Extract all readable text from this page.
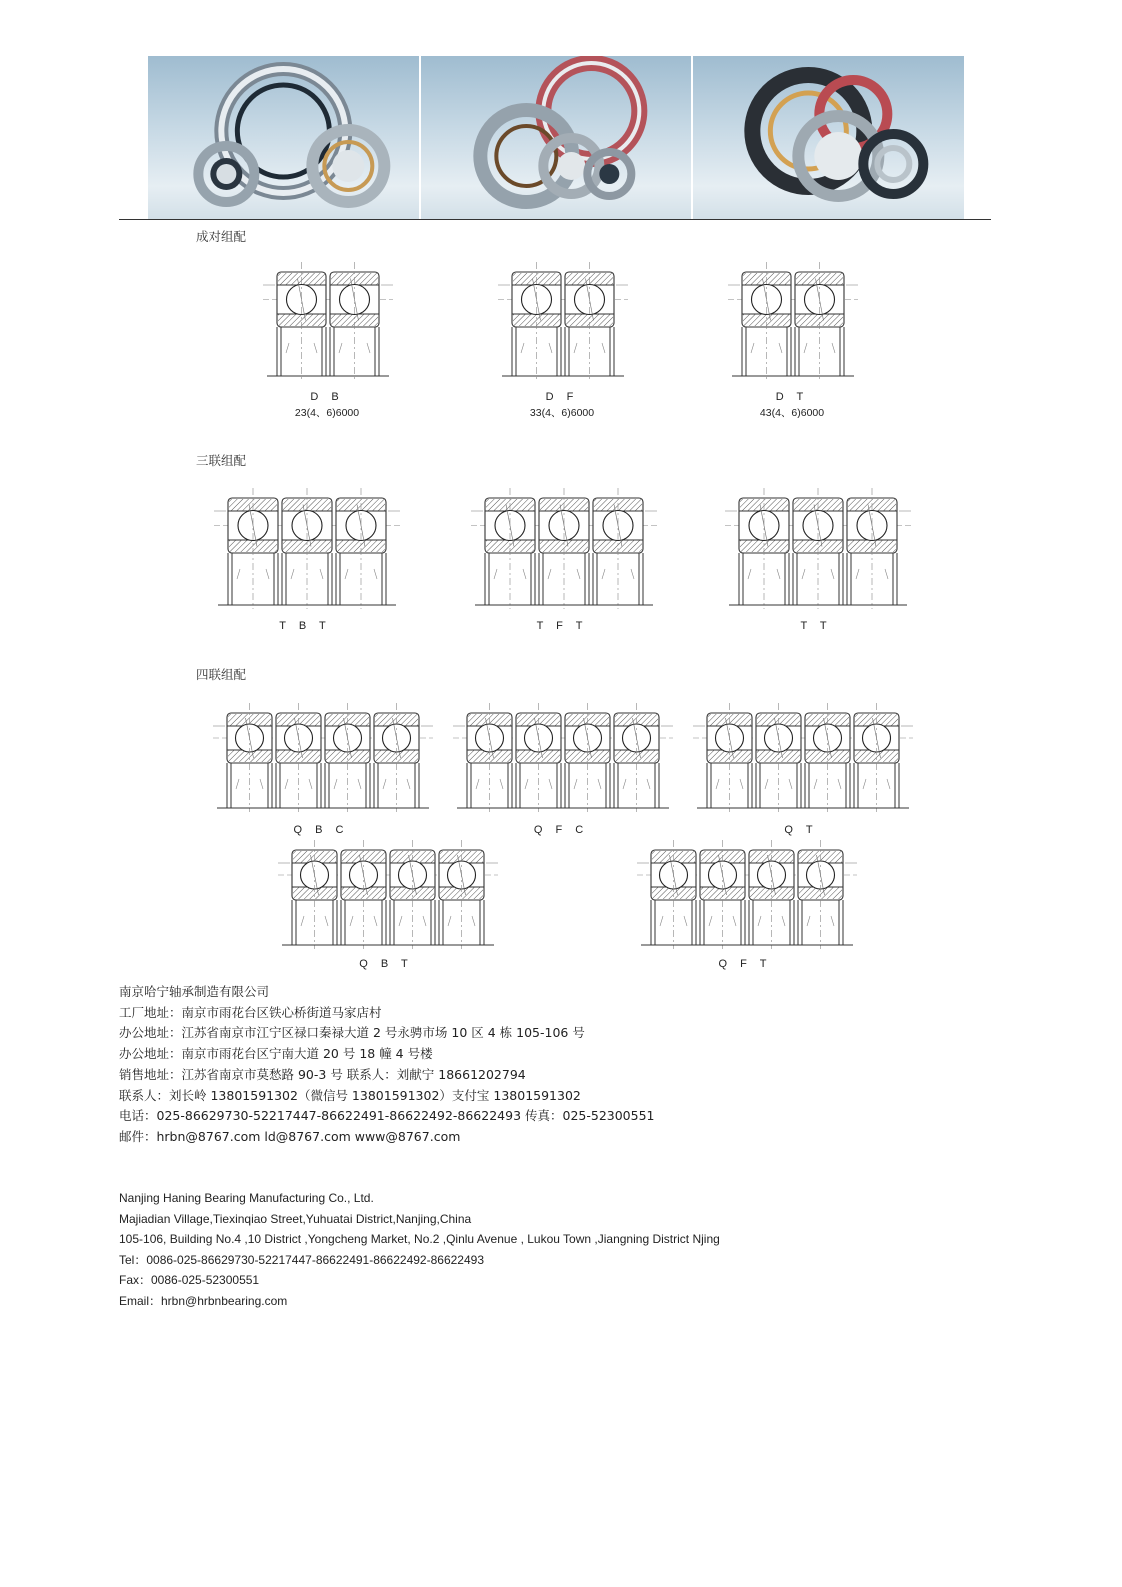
成对组配
三联组配
四联组配
D B
23(4、6)6000
D F
33(4、6)6000
D T
43(4、6)6000
T B T	T F T	T T
Q B C	Q F C	Q T
Q B T	Q F T
南京哈宁轴承制造有限公司
工厂地址：南京市雨花台区铁心桥街道马家店村
办公地址：江苏省南京市江宁区禄口秦禄大道 2 号永骋市场 10 区 4 栋 105-106 号
办公地址：南京市雨花台区宁南大道 20 号 18 幢 4 号楼
销售地址：江苏省南京市莫愁路 90-3 号 联系人：刘献宁 18661202794
联系人：刘长岭 13801591302（微信号 13801591302）支付宝 13801591302
电话：025-86629730-52217447-86622491-86622492-86622493 传真：025-52300551
邮件：hrbn@8767.com ld@8767.com www@8767.com
Nanjing Haning Bearing Manufacturing Co., Ltd.
Majiadian Village,Tiexinqiao Street,Yuhuatai District,Nanjing,China
105-106, Building No.4 ,10 District ,Yongcheng Market, No.2 ,Qinlu Avenue , Lukou Town ,Jiangning District Njing
Tel：0086-025-86629730-52217447-86622491-86622492-86622493
Fax：0086-025-52300551
Email：hrbn@hrbnbearing.com
